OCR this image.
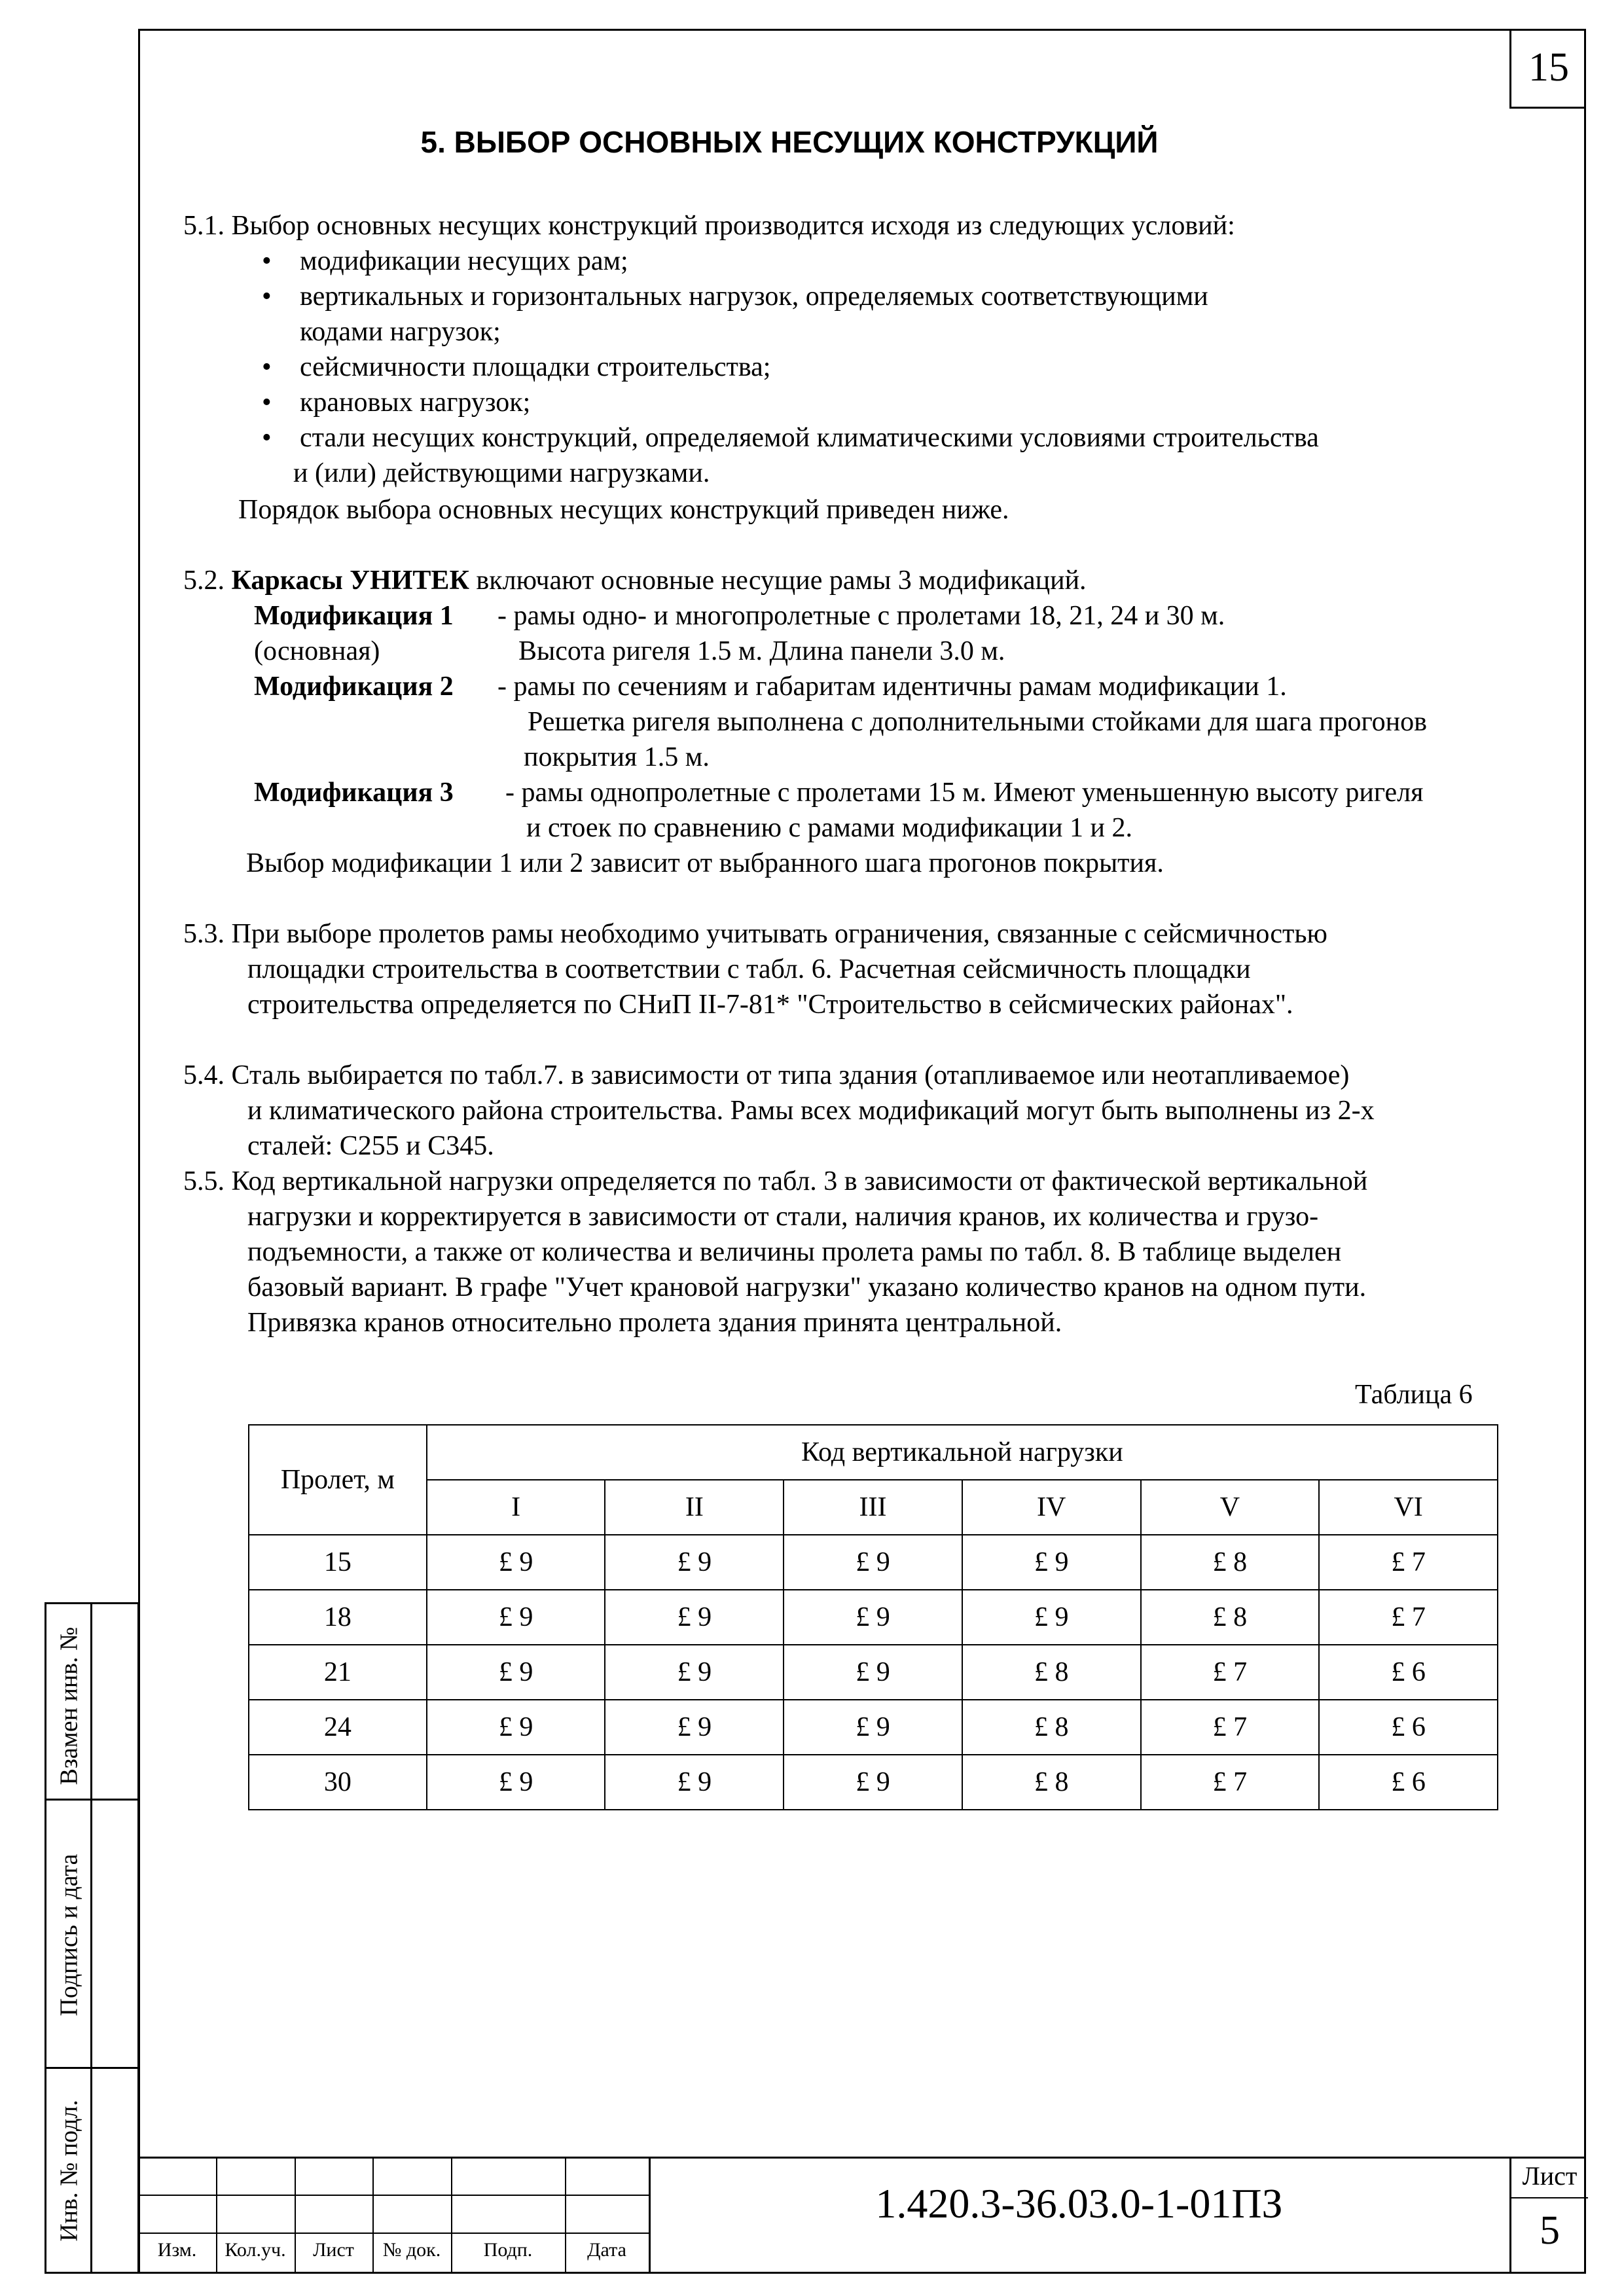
15
Взамен инв. №
Подпись и дата
Инв. № подл.
5. ВЫБОР ОСНОВНЫХ НЕСУЩИХ КОНСТРУКЦИЙ
5.1. Выбор основных несущих конструкций производится исходя из следующих условий:
• модификации несущих рам;
• вертикальных и горизонтальных нагрузок, определяемых соответствующими
кодами нагрузок;
• сейсмичности площадки строительства;
• крановых нагрузок;
• стали несущих конструкций, определяемой климатическими условиями строительства
и (или) действующими нагрузками.
Порядок выбора основных несущих конструкций приведен ниже.
5.2. Каркасы УНИТЕК включают основные несущие рамы 3 модификаций.
Модификация 1 - рамы одно- и многопролетные с пролетами 18, 21, 24 и 30 м.
(основная)	Высота ригеля 1.5 м. Длина панели 3.0 м.
Модификация 2 - рамы по сечениям и габаритам идентичны рамам модификации 1.
Решетка ригеля выполнена с дополнительными стойками для шага прогонов
покрытия 1.5 м.
Модификация 3 - рамы однопролетные с пролетами 15 м. Имеют уменьшенную высоту ригеля
и стоек по сравнению с рамами модификации 1 и 2.
Выбор модификации 1 или 2 зависит от выбранного шага прогонов покрытия.
5.3. При выборе пролетов рамы необходимо учитывать ограничения, связанные с сейсмичностью
площадки строительства в соответствии с табл. 6. Расчетная сейсмичность площадки
строительства определяется по СНиП II-7-81* "Строительство в сейсмических районах".
5.4. Сталь выбирается по табл.7. в зависимости от типа здания (отапливаемое или неотапливаемое)
и климатического района строительства. Рамы всех модификаций могут быть выполнены из 2-х
сталей: С255 и С345.
5.5. Код вертикальной нагрузки определяется по табл. 3 в зависимости от фактической вертикальной
нагрузки и корректируется в зависимости от стали, наличия кранов, их количества и грузо-
подъемности, а также от количества и величины пролета рамы по табл. 8. В таблице выделен
базовый вариант. В графе "Учет крановой нагрузки" указано количество кранов на одном пути.
Привязка кранов относительно пролета здания принята центральной.
Таблица 6
Пролет, м	Код вертикальной нагрузки					
	I	II	III	IV	V	VI
15	£ 9	£ 9	£ 9	£ 9	£ 8	£ 7
18	£ 9	£ 9	£ 9	£ 9	£ 8	£ 7
21	£ 9	£ 9	£ 9	£ 8	£ 7	£ 6
24	£ 9	£ 9	£ 9	£ 8	£ 7	£ 6
30	£ 9	£ 9	£ 9	£ 8	£ 7	£ 6
Изм.	Кол.уч.	Лист	№ док.	Подп.	Дата
1.420.3-36.03.0-1-01ПЗ
Лист
5
